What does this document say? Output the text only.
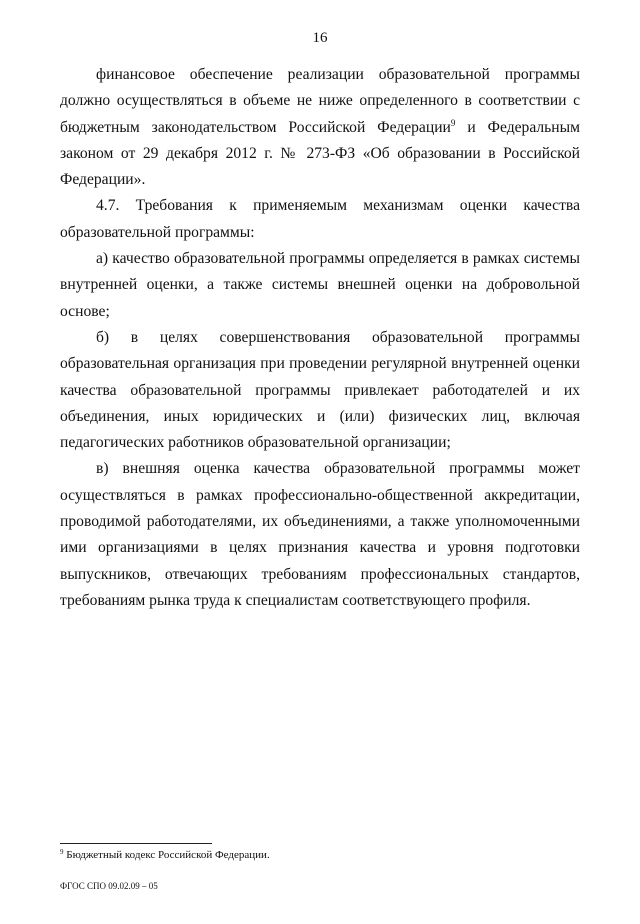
16

финансовое обеспечение реализации образовательной программы должно осуществляться в объеме не ниже определенного в соответствии с бюджетным законодательством Российской Федерации$^9$ и Федеральным законом от 29 декабря 2012 г. № 273-ФЗ «Об образовании в Российской Федерации».

4.7. Требования к применяемым механизмам оценки качества образовательной программы:

а) качество образовательной программы определяется в рамках системы внутренней оценки, а также системы внешней оценки на добровольной основе;

б) в целях совершенствования образовательной программы образовательная организация при проведении регулярной внутренней оценки качества образовательной программы привлекает работодателей и их объединения, иных юридических и (или) физических лиц, включая педагогических работников образовательной организации;

в) внешняя оценка качества образовательной программы может осуществляться в рамках профессионально-общественной аккредитации, проводимой работодателями, их объединениями, а также уполномоченными ими организациями в целях признания качества и уровня подготовки выпускников, отвечающих требованиям профессиональных стандартов, требованиям рынка труда к специалистам соответствующего профиля.

$^9$ Бюджетный кодекс Российской Федерации.
ФГОС СПО 09.02.09 – 05
